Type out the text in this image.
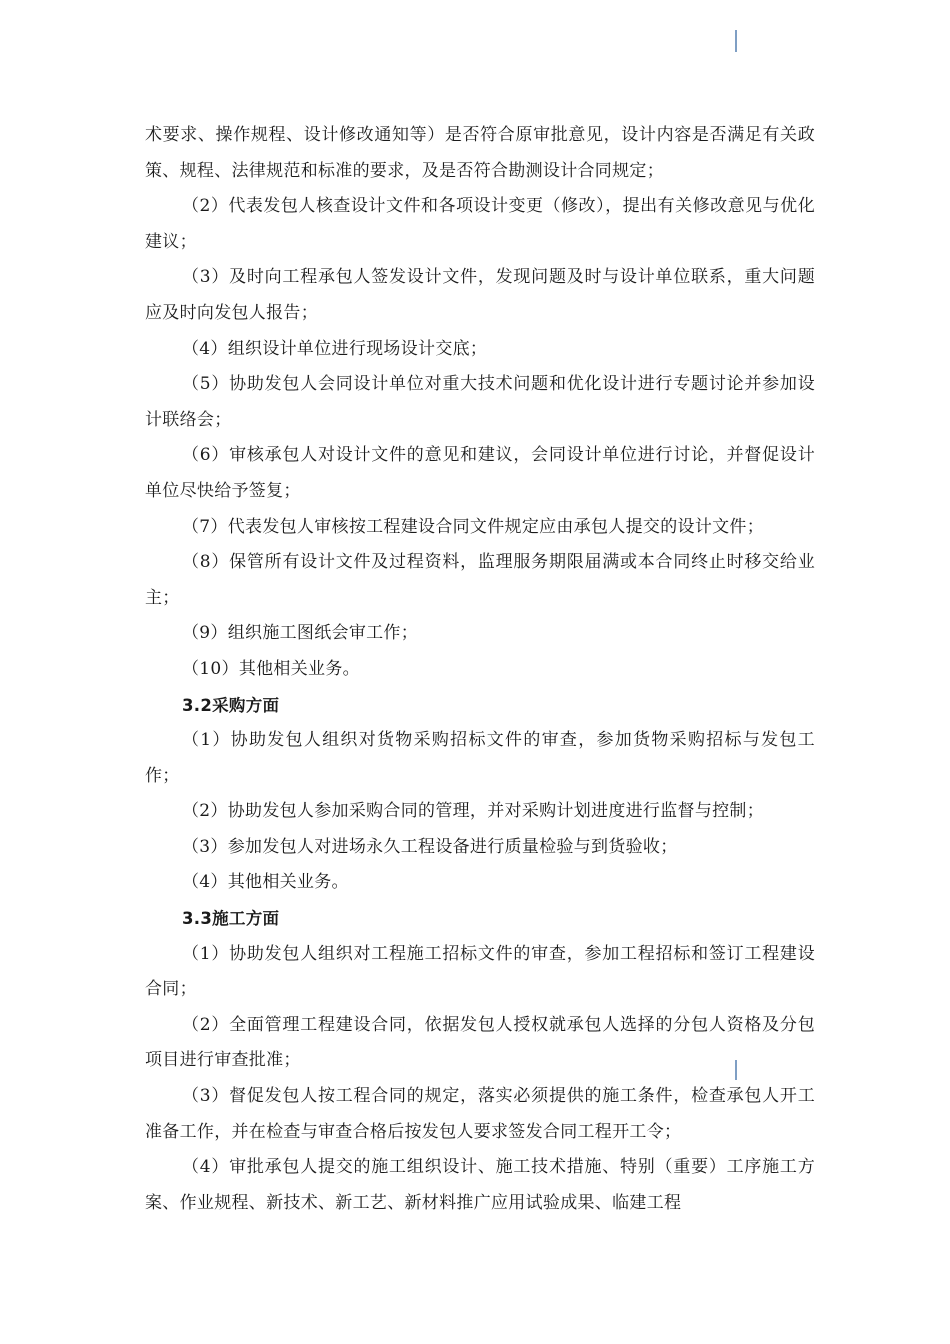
术要求、操作规程、设计修改通知等）是否符合原审批意见，设计内容是否满足有关政策、规程、法律规范和标准的要求，及是否符合勘测设计合同规定；

（2）代表发包人核查设计文件和各项设计变更（修改），提出有关修改意见与优化建议；

（3）及时向工程承包人签发设计文件，发现问题及时与设计单位联系，重大问题应及时向发包人报告；

（4）组织设计单位进行现场设计交底；

（5）协助发包人会同设计单位对重大技术问题和优化设计进行专题讨论并参加设计联络会；

（6）审核承包人对设计文件的意见和建议，会同设计单位进行讨论，并督促设计单位尽快给予签复；

（7）代表发包人审核按工程建设合同文件规定应由承包人提交的设计文件；

（8）保管所有设计文件及过程资料，监理服务期限届满或本合同终止时移交给业主；

（9）组织施工图纸会审工作；

（10）其他相关业务。

3.2采购方面

（1）协助发包人组织对货物采购招标文件的审查，参加货物采购招标与发包工作；

（2）协助发包人参加采购合同的管理，并对采购计划进度进行监督与控制；

（3）参加发包人对进场永久工程设备进行质量检验与到货验收；

（4）其他相关业务。

3.3施工方面

（1）协助发包人组织对工程施工招标文件的审查，参加工程招标和签订工程建设合同；

（2）全面管理工程建设合同，依据发包人授权就承包人选择的分包人资格及分包项目进行审查批准；

（3）督促发包人按工程合同的规定，落实必须提供的施工条件，检查承包人开工准备工作，并在检查与审查合格后按发包人要求签发合同工程开工令；

（4）审批承包人提交的施工组织设计、施工技术措施、特别（重要）工序施工方案、作业规程、新技术、新工艺、新材料推广应用试验成果、临建工程
